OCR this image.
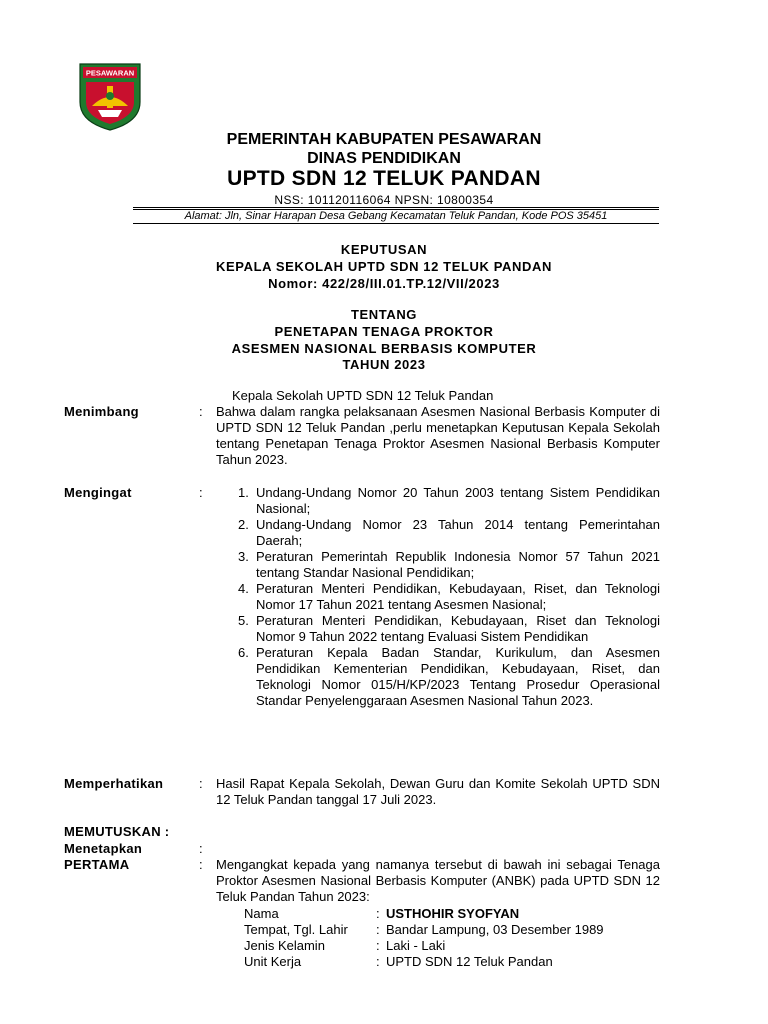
PESAWARAN
PEMERINTAH KABUPATEN PESAWARAN
DINAS PENDIDIKAN
UPTD SDN 12 TELUK PANDAN
NSS: 101120116064 NPSN: 10800354
Alamat: Jln, Sinar Harapan Desa Gebang Kecamatan Teluk Pandan, Kode POS 35451
KEPUTUSAN
KEPALA SEKOLAH UPTD SDN 12 TELUK PANDAN
Nomor: 422/28/III.01.TP.12/VII/2023
TENTANG
PENETAPAN TENAGA PROKTOR
ASESMEN NASIONAL BERBASIS KOMPUTER
TAHUN 2023
Kepala Sekolah UPTD SDN 12 Teluk Pandan
Menimbang	: Bahwa dalam rangka pelaksanaan Asesmen Nasional Berbasis Komputer di UPTD SDN 12 Teluk Pandan ,perlu menetapkan Keputusan Kepala Sekolah tentang Penetapan Tenaga Proktor Asesmen Nasional Berbasis Komputer Tahun 2023.
Mengingat	:	1. Undang-Undang Nomor 20 Tahun 2003 tentang Sistem Pendidikan Nasional;
2. Undang-Undang Nomor 23 Tahun 2014 tentang Pemerintahan Daerah;
3. Peraturan Pemerintah Republik Indonesia Nomor 57 Tahun 2021 tentang Standar Nasional Pendidikan;
4. Peraturan Menteri Pendidikan, Kebudayaan, Riset, dan Teknologi Nomor 17 Tahun 2021 tentang Asesmen Nasional;
5. Peraturan Menteri Pendidikan, Kebudayaan, Riset dan Teknologi Nomor 9 Tahun 2022 tentang Evaluasi Sistem Pendidikan
6. Peraturan Kepala Badan Standar, Kurikulum, dan Asesmen Pendidikan Kementerian Pendidikan, Kebudayaan, Riset, dan Teknologi Nomor 015/H/KP/2023 Tentang Prosedur Operasional Standar Penyelenggaraan Asesmen Nasional Tahun 2023.
Memperhatikan	: Hasil Rapat Kepala Sekolah, Dewan Guru dan Komite Sekolah UPTD SDN 12 Teluk Pandan tanggal 17 Juli 2023.
MEMUTUSKAN :
Menetapkan	:
PERTAMA	: Mengangkat kepada yang namanya tersebut di bawah ini sebagai Tenaga Proktor Asesmen Nasional Berbasis Komputer (ANBK) pada UPTD SDN 12 Teluk Pandan Tahun 2023:
Nama	: USTHOHIR SYOFYAN
Tempat, Tgl. Lahir : Bandar Lampung, 03 Desember 1989
Jenis Kelamin	: Laki - Laki
Unit Kerja	: UPTD SDN 12 Teluk Pandan
